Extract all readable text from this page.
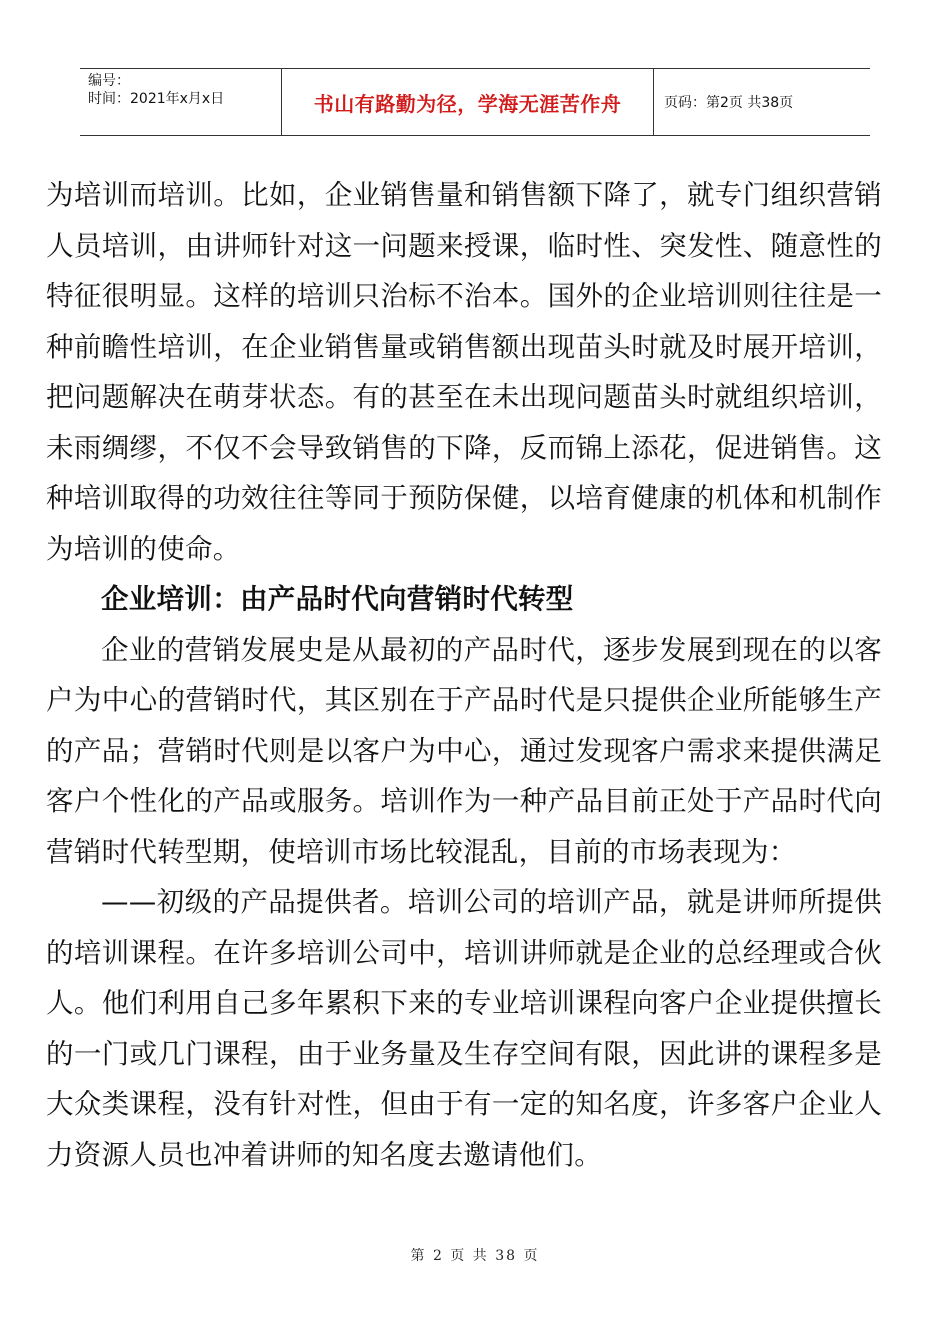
编号：
时间：2021年x月x日	书山有路勤为径，学海无涯苦作舟	页码：第2页 共38页

为培训而培训。比如，企业销售量和销售额下降了，就专门组织营销人员培训，由讲师针对这一问题来授课，临时性、突发性、随意性的特征很明显。这样的培训只治标不治本。国外的企业培训则往往是一种前瞻性培训，在企业销售量或销售额出现苗头时就及时展开培训，把问题解决在萌芽状态。有的甚至在未出现问题苗头时就组织培训，未雨绸缪，不仅不会导致销售的下降，反而锦上添花，促进销售。这种培训取得的功效往往等同于预防保健，以培育健康的机体和机制作为培训的使命。

企业培训：由产品时代向营销时代转型

企业的营销发展史是从最初的产品时代，逐步发展到现在的以客户为中心的营销时代，其区别在于产品时代是只提供企业所能够生产的产品；营销时代则是以客户为中心，通过发现客户需求来提供满足客户个性化的产品或服务。培训作为一种产品目前正处于产品时代向营销时代转型期，使培训市场比较混乱，目前的市场表现为：

——初级的产品提供者。培训公司的培训产品，就是讲师所提供的培训课程。在许多培训公司中，培训讲师就是企业的总经理或合伙人。他们利用自己多年累积下来的专业培训课程向客户企业提供擅长的一门或几门课程，由于业务量及生存空间有限，因此讲的课程多是大众类课程，没有针对性，但由于有一定的知名度，许多客户企业人力资源人员也冲着讲师的知名度去邀请他们。

第 2 页 共 38 页
